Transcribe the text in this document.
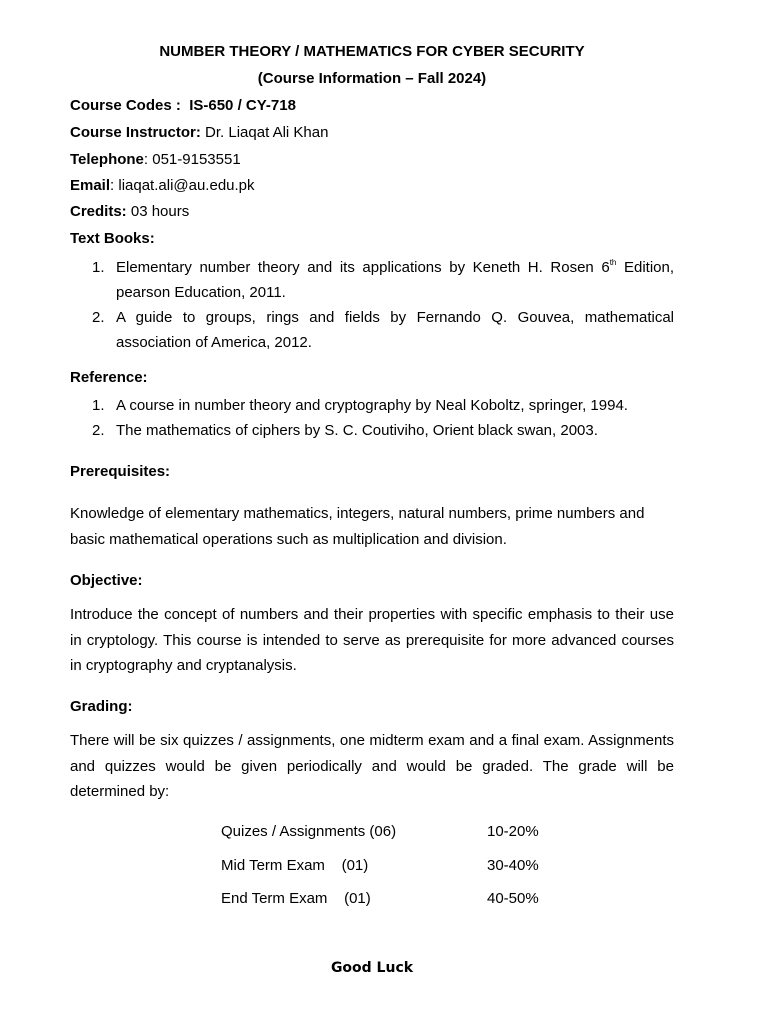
NUMBER THEORY / MATHEMATICS FOR CYBER SECURITY
(Course Information – Fall 2024)
Course Codes : IS-650 / CY-718
Course Instructor: Dr. Liaqat Ali Khan
Telephone: 051-9153551
Email: liaqat.ali@au.edu.pk
Credits: 03 hours
Text Books:
1. Elementary number theory and its applications by Keneth H. Rosen 6th Edition, pearson Education, 2011.
2. A guide to groups, rings and fields by Fernando Q. Gouvea, mathematical association of America, 2012.
Reference:
1. A course in number theory and cryptography by Neal Koboltz, springer, 1994.
2. The mathematics of ciphers by S. C. Coutiviho, Orient black swan, 2003.
Prerequisites:

Knowledge of elementary mathematics, integers, natural numbers, prime numbers and basic mathematical operations such as multiplication and division.

Objective:

Introduce the concept of numbers and their properties with specific emphasis to their use in cryptology. This course is intended to serve as prerequisite for more advanced courses in cryptography and cryptanalysis.

Grading:

There will be six quizzes / assignments, one midterm exam and a final exam. Assignments and quizzes would be given periodically and would be graded. The grade will be determined by:

Quizes / Assignments (06)	10-20%
Mid Term Exam    (01)	30-40%
End Term Exam    (01)	40-50%
Good Luck
